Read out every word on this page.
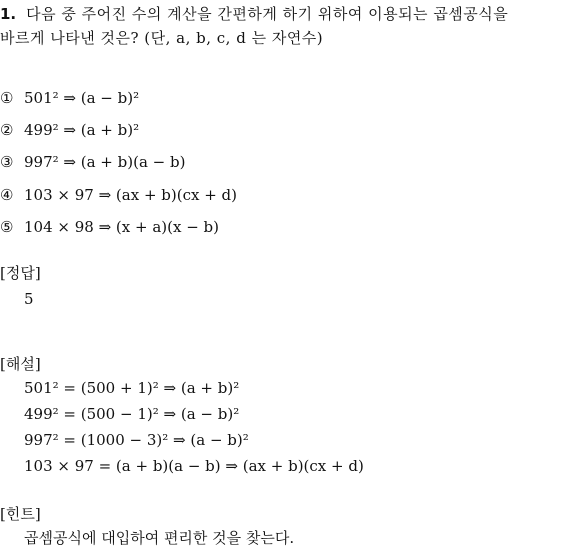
1. 다음 중 주어진 수의 계산을 간편하게 하기 위하여 이용되는 곱셈공식을
바르게 나타낸 것은? (단, a, b, c, d 는 자연수)
① 501² ⇒ (a − b)²
② 499² ⇒ (a + b)²
③ 997² ⇒ (a + b)(a − b)
④ 103 × 97 ⇒ (ax + b)(cx + d)
⑤ 104 × 98 ⇒ (x + a)(x − b)
[정답]
5
[해설]
501² = (500 + 1)² ⇒ (a + b)²
499² = (500 − 1)² ⇒ (a − b)²
997² = (1000 − 3)² ⇒ (a − b)²
103 × 97 = (a + b)(a − b) ⇒ (ax + b)(cx + d)
[힌트]
곱셈공식에 대입하여 편리한 것을 찾는다.
